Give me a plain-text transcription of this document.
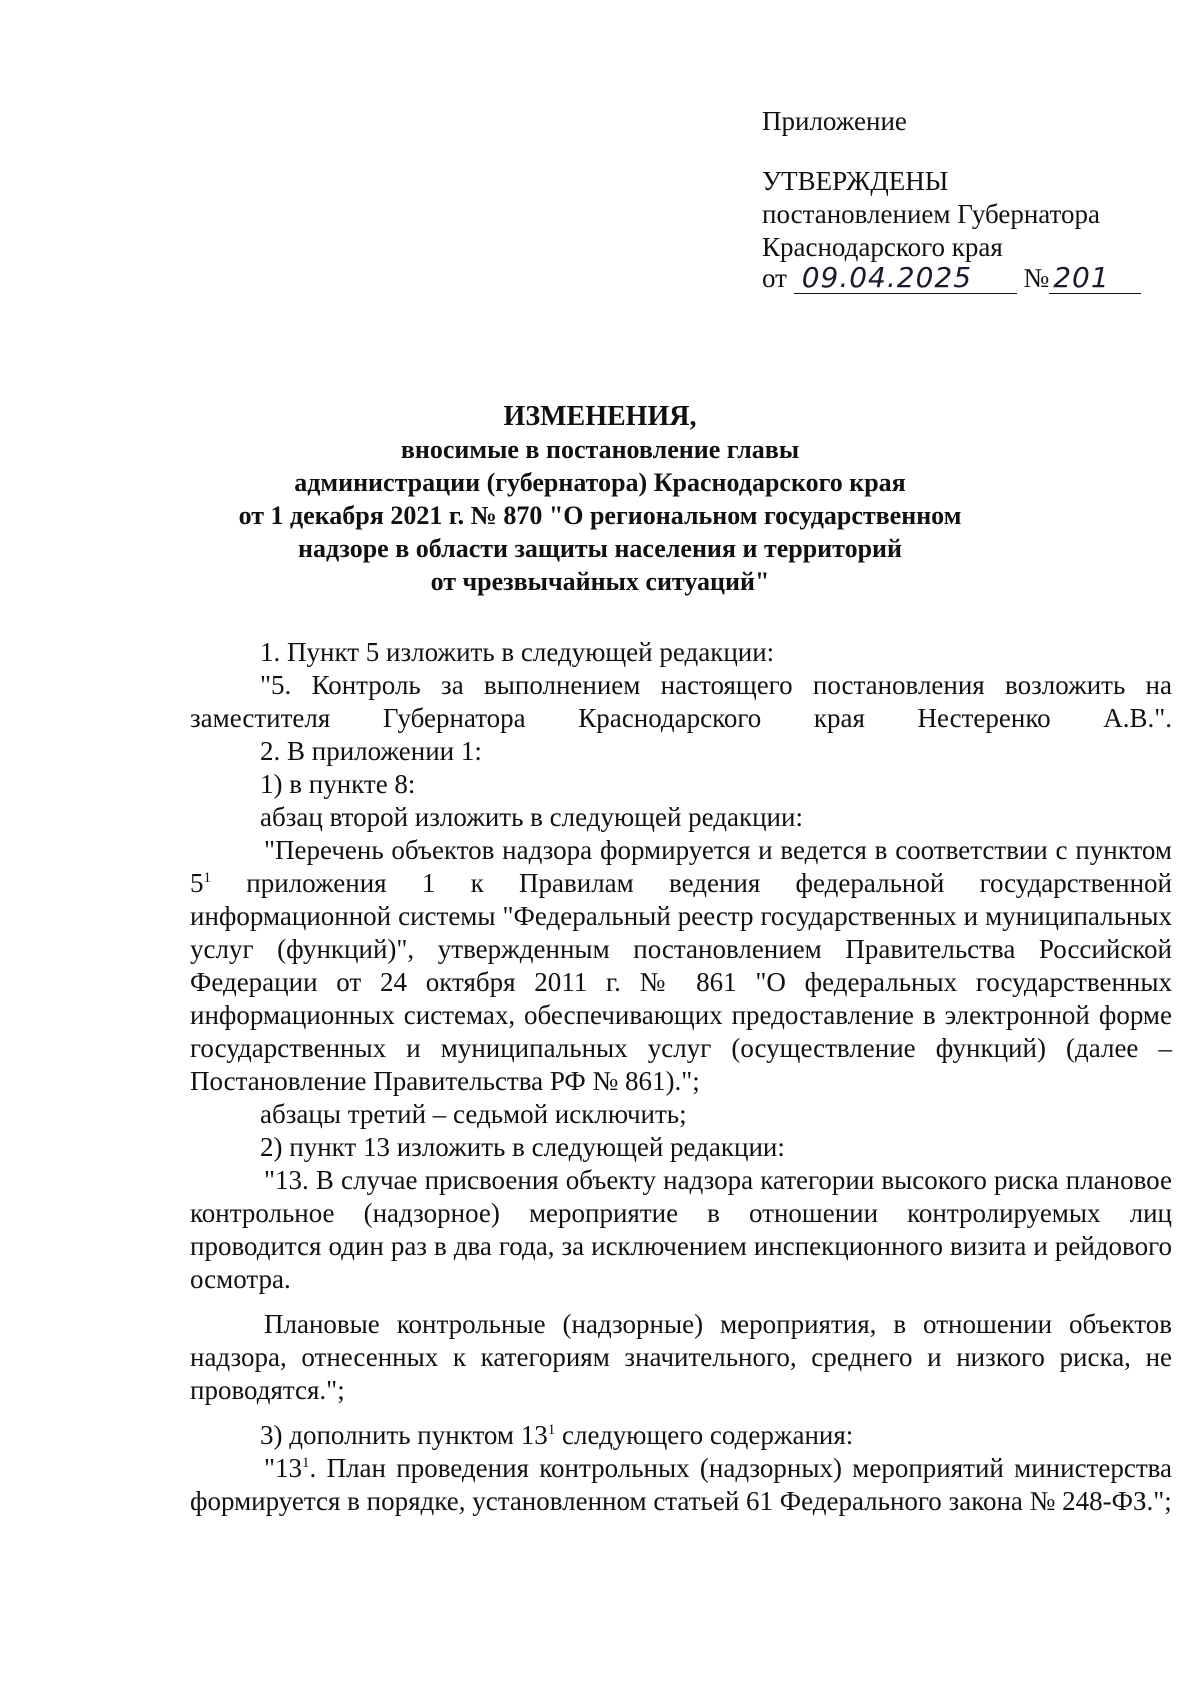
Приложение
УТВЕРЖДЕНЫ
постановлением Губернатора
Краснодарского края
от 09.04.2025 № 201
ИЗМЕНЕНИЯ,
вносимые в постановление главы
администрации (губернатора) Краснодарского края
от 1 декабря 2021 г. № 870 "О региональном государственном
надзоре в области защиты населения и территорий
от чрезвычайных ситуаций"

1. Пункт 5 изложить в следующей редакции:

"5. Контроль за выполнением настоящего постановления возложить на заместителя Губернатора Краснодарского края Нестеренко А.В.".

2. В приложении 1:

1) в пункте 8:

абзац второй изложить в следующей редакции:

"Перечень объектов надзора формируется и ведется в соответствии с пунктом $5^1$ приложения 1 к Правилам ведения федеральной государственной информационной системы "Федеральный реестр государственных и муниципальных услуг (функций)", утвержденным постановлением Правительства Российской Федерации от 24 октября 2011 г. № 861 "О федеральных государственных информационных системах, обеспечивающих предоставление в электронной форме государственных и муниципальных услуг (осуществление функций) (далее – Постановление Правительства РФ № 861).";

абзацы третий – седьмой исключить;

2) пункт 13 изложить в следующей редакции:

"13. В случае присвоения объекту надзора категории высокого риска плановое контрольное (надзорное) мероприятие в отношении контролируемых лиц проводится один раз в два года, за исключением инспекционного визита и рейдового осмотра.

Плановые контрольные (надзорные) мероприятия, в отношении объектов надзора, отнесенных к категориям значительного, среднего и низкого риска, не проводятся.";

3) дополнить пунктом $13^1$ следующего содержания:

"$13^1$. План проведения контрольных (надзорных) мероприятий министерства формируется в порядке, установленном статьей 61 Федерального закона № 248-ФЗ.";
